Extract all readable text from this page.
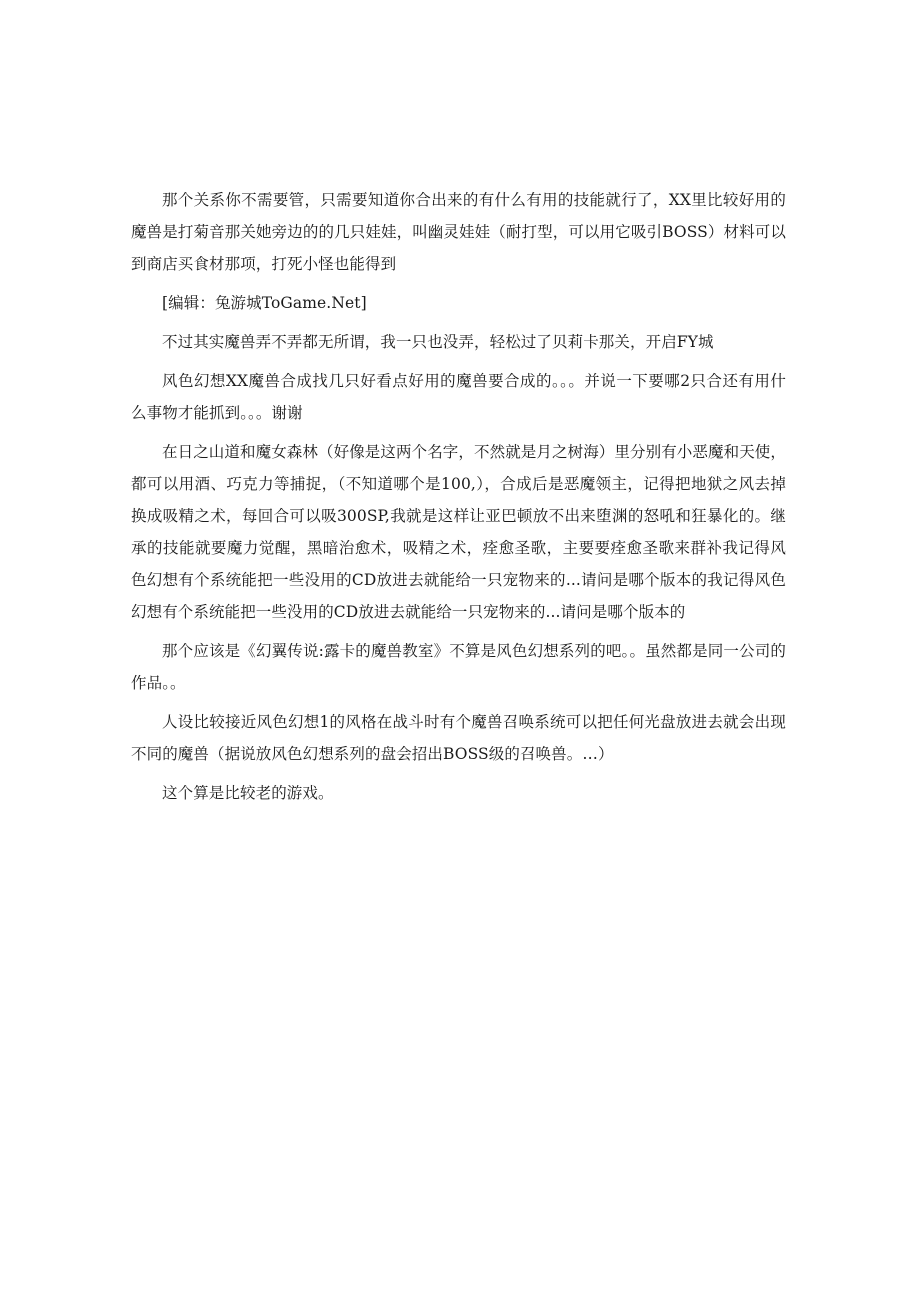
那个关系你不需要管，只需要知道你合出来的有什么有用的技能就行了，XX里比较好用的魔兽是打菊音那关她旁边的的几只娃娃，叫幽灵娃娃（耐打型，可以用它吸引BOSS）材料可以到商店买食材那项，打死小怪也能得到

[编辑：兔游城ToGame.Net]

不过其实魔兽弄不弄都无所谓，我一只也没弄，轻松过了贝莉卡那关，开启FY城

风色幻想XX魔兽合成找几只好看点好用的魔兽要合成的。。。并说一下要哪2只合还有用什么事物才能抓到。。。谢谢

在日之山道和魔女森林（好像是这两个名字，不然就是月之树海）里分别有小恶魔和天使，都可以用酒、巧克力等捕捉，（不知道哪个是100,），合成后是恶魔领主，记得把地狱之风去掉换成吸精之术，每回合可以吸300SP,我就是这样让亚巴顿放不出来堕渊的怒吼和狂暴化的。继承的技能就要魔力觉醒，黑暗治愈术，吸精之术，痊愈圣歌，主要要痊愈圣歌来群补我记得风色幻想有个系统能把一些没用的CD放进去就能给一只宠物来的...请问是哪个版本的我记得风色幻想有个系统能把一些没用的CD放进去就能给一只宠物来的...请问是哪个版本的

那个应该是《幻翼传说:露卡的魔兽教室》不算是风色幻想系列的吧。。虽然都是同一公司的作品。。

人设比较接近风色幻想1的风格在战斗时有个魔兽召唤系统可以把任何光盘放进去就会出现不同的魔兽（据说放风色幻想系列的盘会招出BOSS级的召唤兽。…）

这个算是比较老的游戏。
